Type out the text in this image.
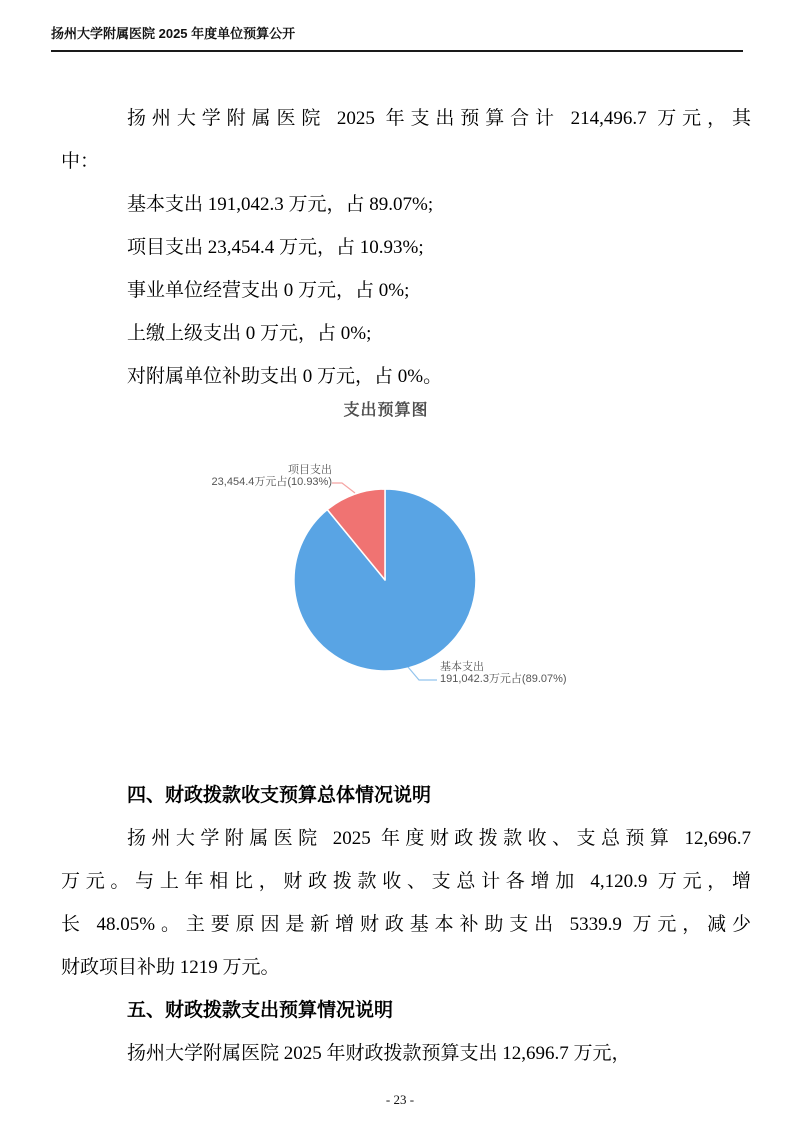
扬州大学附属医院 2025 年度单位预算公开
扬州大学附属医院 2025 年支出预算合计 214,496.7 万元，其
中：
基本支出 191,042.3 万元，占 89.07%;
项目支出 23,454.4 万元，占 10.93%;
事业单位经营支出 0 万元，占 0%;
上缴上级支出 0 万元，占 0%;
对附属单位补助支出 0 万元，占 0%。
支出预算图
项目支出
23,454.4万元占(10.93%)
基本支出
191,042.3万元占(89.07%)
四、财政拨款收支预算总体情况说明
扬州大学附属医院 2025 年度财政拨款收、支总预算 12,696.7
万元。与上年相比，财政拨款收、支总计各增加 4,120.9 万元，增
长 48.05%。主要原因是新增财政基本补助支出 5339.9 万元，减少
财政项目补助 1219 万元。
五、财政拨款支出预算情况说明
扬州大学附属医院 2025 年财政拨款预算支出 12,696.7 万元，
- 23 -
